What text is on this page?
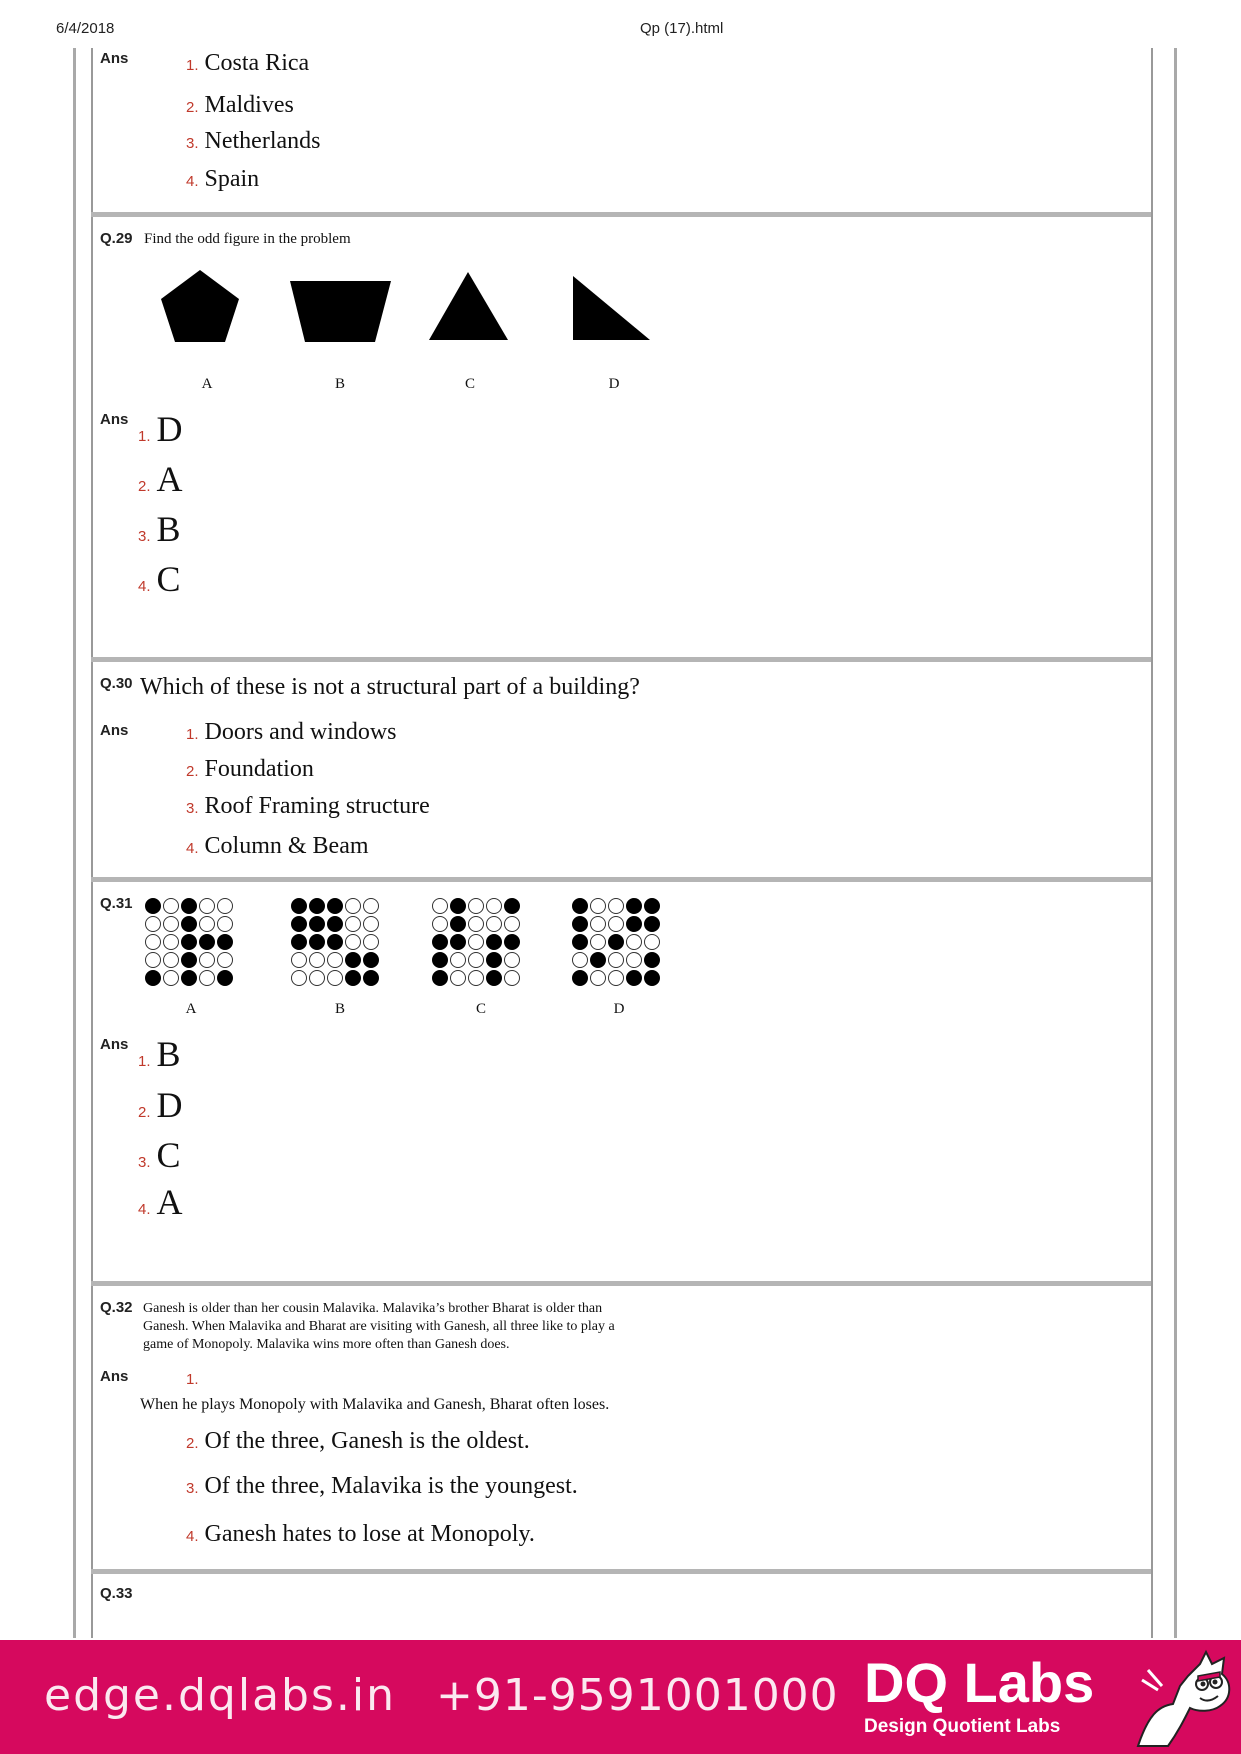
6/4/2018	Qp (17).html
Ans	1. Costa Rica
2. Maldives
3. Netherlands
4. Spain
Q.29 Find the odd figure in the problem
A	B	C	D
Ans
1. D
2. A
3. B
4. C
Q.30 Which of these is not a structural part of a building?
Ans	1. Doors and windows
2. Foundation
3. Roof Framing structure
4. Column & Beam
Q.31
A	B	C	D
Ans
1. B
2. D
3. C
4. A
Q.32 Ganesh is older than her cousin Malavika. Malavika’s brother Bharat is older than
Ganesh. When Malavika and Bharat are visiting with Ganesh, all three like to play a
game of Monopoly. Malavika wins more often than Ganesh does.
Ans	1.
When he plays Monopoly with Malavika and Ganesh, Bharat often loses.
2. Of the three, Ganesh is the oldest.
3. Of the three, Malavika is the youngest.
4. Ganesh hates to lose at Monopoly.
Q.33
edge.dqlabs.in +91-9591001000 DQ Labs
Design Quotient Labs
